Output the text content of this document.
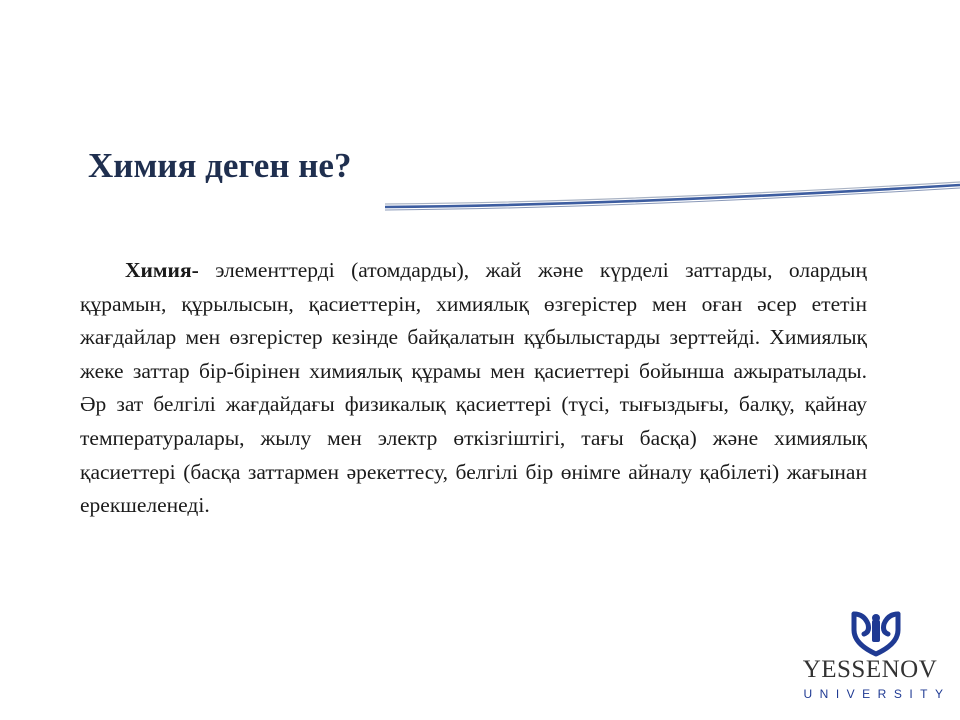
Химия деген не?

Химия- элементтерді (атомдарды), жай және күрделі заттарды, олардың құрамын, құрылысын, қасиеттерін, химиялық өзгерістер мен оған әсер ететін жағдайлар мен өзгерістер кезінде байқалатын құбылыстарды зерттейді. Химиялық жеке заттар бір-бірінен химиялық құрамы мен қасиеттері бойынша ажыратылады. Әр зат белгілі жағдайдағы физикалық қасиеттері (түсі, тығыздығы, балқу, қайнау температуралары, жылу мен электр өткізгіштігі, тағы басқа) және химиялық қасиеттері (басқа заттармен әрекеттесу, белгілі бір өнімге айналу қабілеті) жағынан ерекшеленеді.

YESSENOV
UNIVERSITY
